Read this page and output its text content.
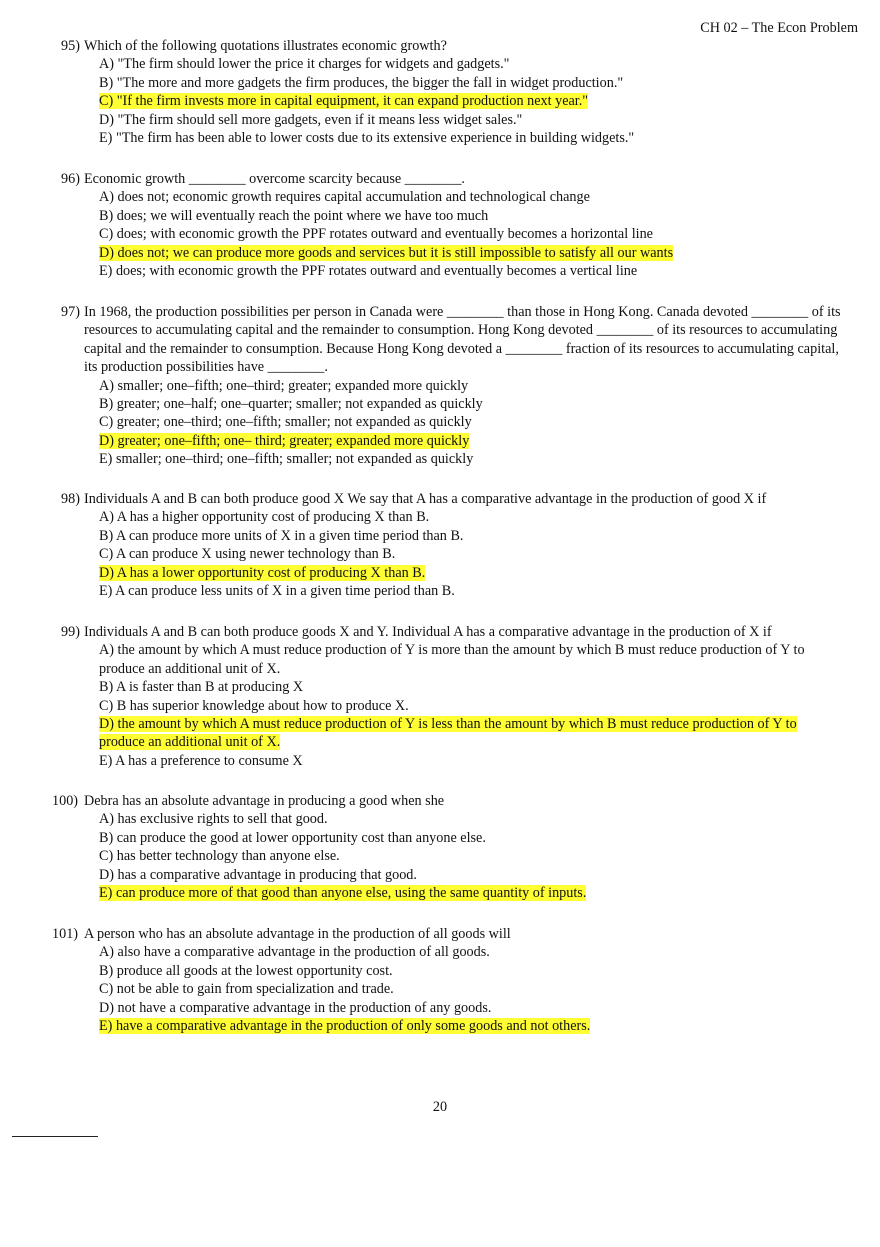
CH 02 – The Econ Problem
95) Which of the following quotations illustrates economic growth?
A) "The firm should lower the price it charges for widgets and gadgets."
B) "The more and more gadgets the firm produces, the bigger the fall in widget production."
C) "If the firm invests more in capital equipment, it can expand production next year."
D) "The firm should sell more gadgets, even if it means less widget sales."
E) "The firm has been able to lower costs due to its extensive experience in building widgets."
96) Economic growth ________ overcome scarcity because ________.
A) does not; economic growth requires capital accumulation and technological change
B) does; we will eventually reach the point where we have too much
C) does; with economic growth the PPF rotates outward and eventually becomes a horizontal line
D) does not; we can produce more goods and services but it is still impossible to satisfy all our wants
E) does; with economic growth the PPF rotates outward and eventually becomes a vertical line
97) In 1968, the production possibilities per person in Canada were ________ than those in Hong Kong. Canada devoted ________ of its resources to accumulating capital and the remainder to consumption. Hong Kong devoted ________ of its resources to accumulating capital and the remainder to consumption. Because Hong Kong devoted a ________ fraction of its resources to accumulating capital, its production possibilities have ________.
A) smaller; one–fifth; one–third; greater; expanded more quickly
B) greater; one–half; one–quarter; smaller; not expanded as quickly
C) greater; one–third; one–fifth; smaller; not expanded as quickly
D) greater; one–fifth; one– third; greater; expanded more quickly
E) smaller; one–third; one–fifth; smaller; not expanded as quickly
98) Individuals A and B can both produce good X We say that A has a comparative advantage in the production of good X if
A) A has a higher opportunity cost of producing X than B.
B) A can produce more units of X in a given time period than B.
C) A can produce X using newer technology than B.
D) A has a lower opportunity cost of producing X than B.
E) A can produce less units of X in a given time period than B.
99) Individuals A and B can both produce goods X and Y. Individual A has a comparative advantage in the production of X if
A) the amount by which A must reduce production of Y is more than the amount by which B must reduce production of Y to produce an additional unit of X.
B) A is faster than B at producing X
C) B has superior knowledge about how to produce X.
D) the amount by which A must reduce production of Y is less than the amount by which B must reduce production of Y to produce an additional unit of X.
E) A has a preference to consume X
100) Debra has an absolute advantage in producing a good when she
A) has exclusive rights to sell that good.
B) can produce the good at lower opportunity cost than anyone else.
C) has better technology than anyone else.
D) has a comparative advantage in producing that good.
E) can produce more of that good than anyone else, using the same quantity of inputs.
101) A person who has an absolute advantage in the production of all goods will
A) also have a comparative advantage in the production of all goods.
B) produce all goods at the lowest opportunity cost.
C) not be able to gain from specialization and trade.
D) not have a comparative advantage in the production of any goods.
E) have a comparative advantage in the production of only some goods and not others.
20
